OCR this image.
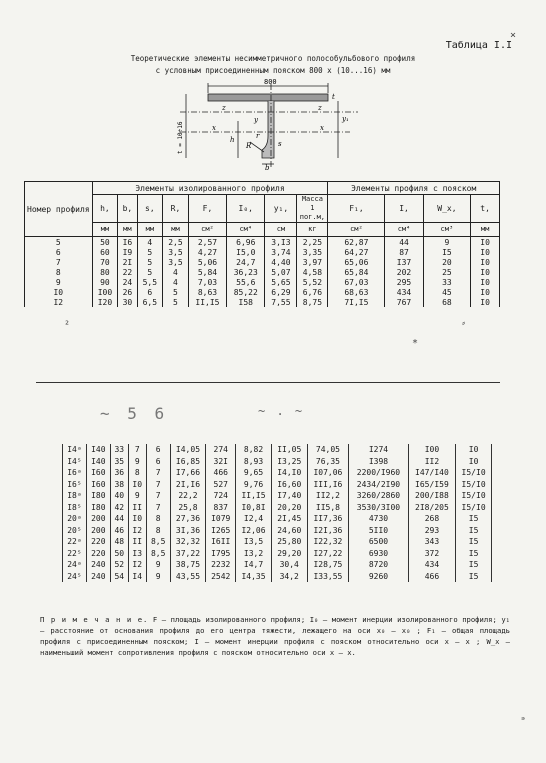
Таблица I.I
Теоретические элементы несимметричного полособульбового профиля
с условным присоединенным пояском 800 x (10...16) мм
800
t = 10÷16
z	z
y
x	x
y₁
h
R
r
b
t
s
Номер профиля	Элементы изолированного профиля								Элементы профиля с пояском			
	h,	b,	s,	R,	F,	I₀,	y₁,	Масса 1 пог.м,	F₁,	I,	W_x,	t,
	мм	мм	мм	мм	см²	см⁴	см	кг	см²	см⁴	см³	мм
5	50	I6	4	2,5	2,57	6,96	3,I3	2,25	62,87	44	9	I0
6	60	I9	5	3,5	4,27	I5,0	3,74	3,35	64,27	87	I5	I0
7	70	2I	5	3,5	5,06	24,7	4,40	3,97	65,06	I37	20	I0
8	80	22	5	4	5,84	36,23	5,07	4,58	65,84	202	25	I0
9	90	24	5,5	4	7,03	55,6	5,65	5,52	67,03	295	33	I0
I0	I00	26	6	5	8,63	85,22	6,29	6,76	68,63	434	45	I0
I2	I20	30	6,5	5	II,I5	I58	7,55	8,75	7I,I5	767	68	I0
~ 5 6	~ . ~
I4ᵃ	I40	33	7	6	I4,05	274	8,82	II,05	74,05	I274	I00	I0
I4⁵	I40	35	9	6	I6,85	32I	8,93	I3,25	76,35	I398	II2	I0
I6ᵃ	I60	36	8	7	I7,66	466	9,65	I4,I0	I07,06	2200/I960	I47/I40	I5/I0
I6⁵	I60	38	I0	7	2I,I6	527	9,76	I6,60	III,I6	2434/2I90	I65/I59	I5/I0
I8ᵃ	I80	40	9	7	22,2	724	II,I5	I7,40	II2,2	3260/2860	200/I88	I5/I0
I8⁵	I80	42	II	7	25,8	837	I0,8I	20,20	II5,8	3530/3I00	2I8/205	I5/I0
20ᵃ	200	44	I0	8	27,36	I079	I2,4	2I,45	II7,36	4730	268	I5
20⁵	200	46	I2	8	3I,36	I265	I2,06	24,60	I2I,36	5II0	293	I5
22ᵃ	220	48	II	8,5	32,32	I6II	I3,5	25,80	I22,32	6500	343	I5
22⁵	220	50	I3	8,5	37,22	I795	I3,2	29,20	I27,22	6930	372	I5
24ᵃ	240	52	I2	9	38,75	2232	I4,7	30,4	I28,75	8720	434	I5
24⁵	240	54	I4	9	43,55	2542	I4,35	34,2	I33,55	9260	466	I5
П р и м е ч а н и е. F – площадь изолированного профиля; I₀ – момент инерции изолированного профиля; y₁ – расстояние от основания профиля до его центра тяжести, лежащего на оси x₀ – x₀ ; F₁ – общая площадь профиля с присоединенным пояском; I – момент инерции профиля с пояском относительно оси x – x ; W_x – наименьший момент сопротивления профиля с пояском относительно оси x – x.
×
²
*
⸗
ₔ
